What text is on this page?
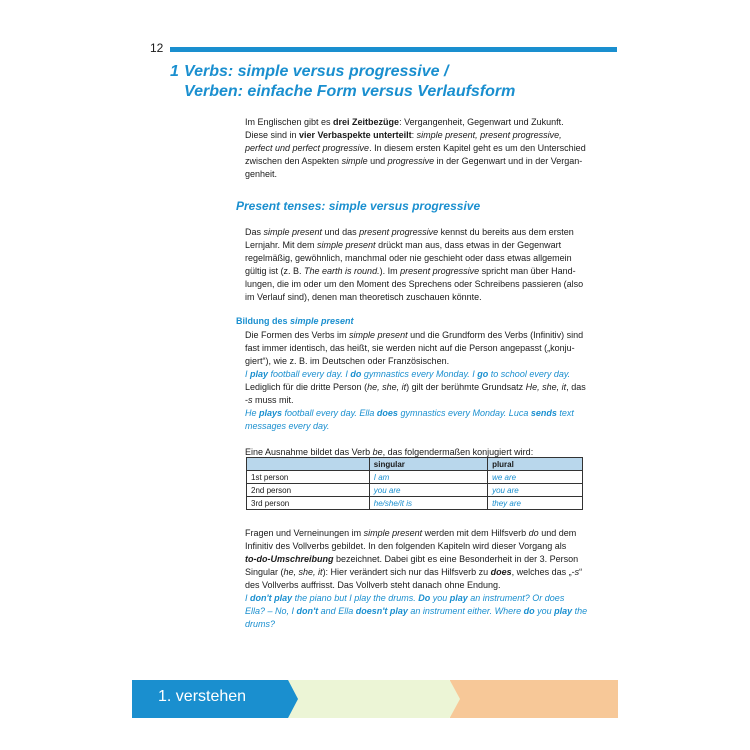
12
1 Verbs: simple versus progressive /
Verben: einfache Form versus Verlaufsform
Im Englischen gibt es drei Zeitbezüge: Vergangenheit, Gegenwart und Zukunft.
Diese sind in vier Verbaspekte unterteilt: simple present, present progressive,
perfect und perfect progressive. In diesem ersten Kapitel geht es um den Unterschied
zwischen den Aspekten simple und progressive in der Gegenwart und in der Vergan-
genheit.
Present tenses: simple versus progressive
Das simple present und das present progressive kennst du bereits aus dem ersten
Lernjahr. Mit dem simple present drückt man aus, dass etwas in der Gegenwart
regelmäßig, gewöhnlich, manchmal oder nie geschieht oder dass etwas allgemein
gültig ist (z. B. The earth is round.). Im present progressive spricht man über Hand-
lungen, die im oder um den Moment des Sprechens oder Schreibens passieren (also
im Verlauf sind), denen man theoretisch zuschauen könnte.
Bildung des simple present
Die Formen des Verbs im simple present und die Grundform des Verbs (Infinitiv) sind
fast immer identisch, das heißt, sie werden nicht auf die Person angepasst („konju-
giert“), wie z. B. im Deutschen oder Französischen.
I play football every day. I do gymnastics every Monday. I go to school every day.
Lediglich für die dritte Person (he, she, it) gilt der berühmte Grundsatz He, she, it, das
-s muss mit.
He plays football every day. Ella does gymnastics every Monday. Luca sends text
messages every day.

Eine Ausnahme bildet das Verb be, das folgendermaßen konjugiert wird:
	singular	plural
1st person	I am	we are
2nd person	you are	you are
3rd person	he/she/it is	they are
Fragen und Verneinungen im simple present werden mit dem Hilfsverb do und dem
Infinitiv des Vollverbs gebildet. In den folgenden Kapiteln wird dieser Vorgang als
to-do-Umschreibung bezeichnet. Dabei gibt es eine Besonderheit in der 3. Person
Singular (he, she, it): Hier verändert sich nur das Hilfsverb zu does, welches das „-s“
des Vollverbs auffrisst. Das Vollverb steht danach ohne Endung.
I don't play the piano but I play the drums. Do you play an instrument? Or does
Ella? – No, I don't and Ella doesn't play an instrument either. Where do you play the
drums?
1. verstehen
